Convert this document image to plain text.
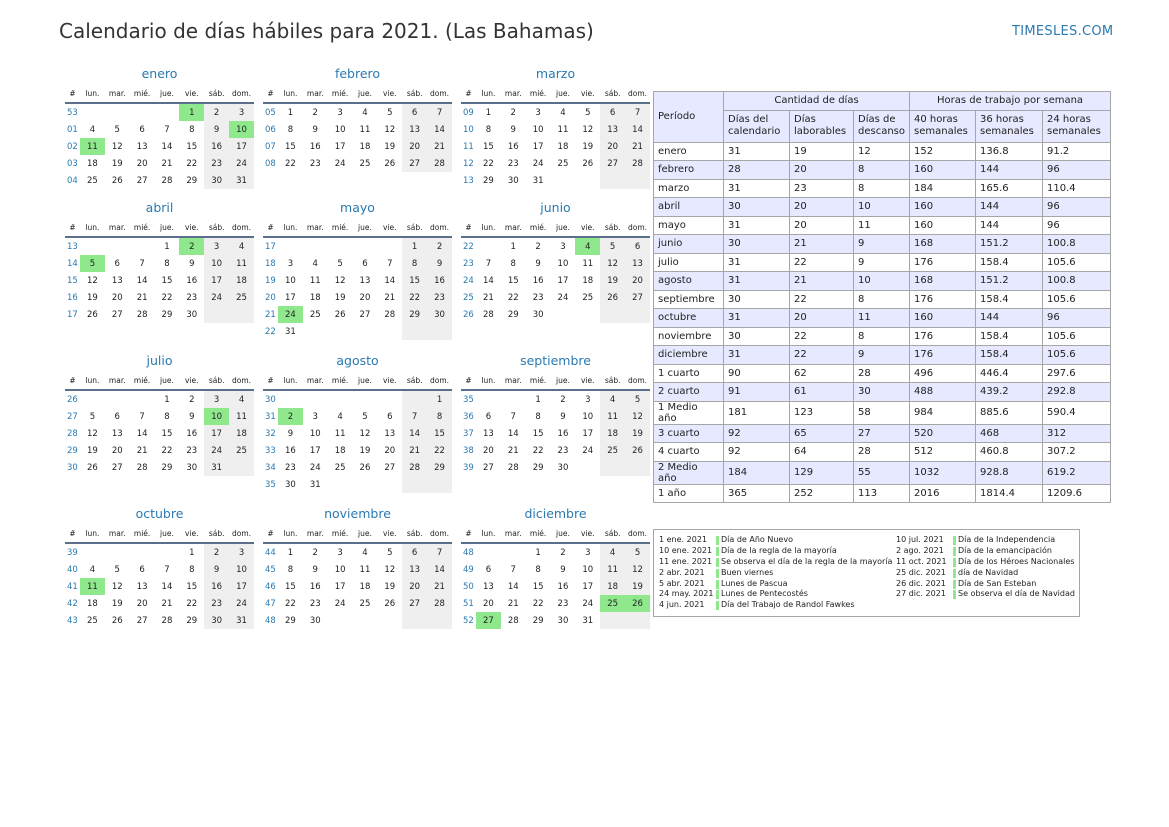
Calendario de días hábiles para 2021. (Las Bahamas)	TIMESLES.COM
enero
#	lun.	mar.	mié.	jue.	vie.	sáb.	dom.
53					1	2	3
01	4	5	6	7	8	9	10
02	11	12	13	14	15	16	17
03	18	19	20	21	22	23	24
04	25	26	27	28	29	30	31
febrero
#	lun.	mar.	mié.	jue.	vie.	sáb.	dom.
05	1	2	3	4	5	6	7
06	8	9	10	11	12	13	14
07	15	16	17	18	19	20	21
08	22	23	24	25	26	27	28
marzo
#	lun.	mar.	mié.	jue.	vie.	sáb.	dom.
09	1	2	3	4	5	6	7
10	8	9	10	11	12	13	14
11	15	16	17	18	19	20	21
12	22	23	24	25	26	27	28
13	29	30	31				
abril
#	lun.	mar.	mié.	jue.	vie.	sáb.	dom.
13				1	2	3	4
14	5	6	7	8	9	10	11
15	12	13	14	15	16	17	18
16	19	20	21	22	23	24	25
17	26	27	28	29	30		
mayo
#	lun.	mar.	mié.	jue.	vie.	sáb.	dom.
17						1	2
18	3	4	5	6	7	8	9
19	10	11	12	13	14	15	16
20	17	18	19	20	21	22	23
21	24	25	26	27	28	29	30
22	31						
junio
#	lun.	mar.	mié.	jue.	vie.	sáb.	dom.
22		1	2	3	4	5	6
23	7	8	9	10	11	12	13
24	14	15	16	17	18	19	20
25	21	22	23	24	25	26	27
26	28	29	30				
julio
#	lun.	mar.	mié.	jue.	vie.	sáb.	dom.
26				1	2	3	4
27	5	6	7	8	9	10	11
28	12	13	14	15	16	17	18
29	19	20	21	22	23	24	25
30	26	27	28	29	30	31	
agosto
#	lun.	mar.	mié.	jue.	vie.	sáb.	dom.
30							1
31	2	3	4	5	6	7	8
32	9	10	11	12	13	14	15
33	16	17	18	19	20	21	22
34	23	24	25	26	27	28	29
35	30	31					
septiembre
#	lun.	mar.	mié.	jue.	vie.	sáb.	dom.
35			1	2	3	4	5
36	6	7	8	9	10	11	12
37	13	14	15	16	17	18	19
38	20	21	22	23	24	25	26
39	27	28	29	30			
octubre
#	lun.	mar.	mié.	jue.	vie.	sáb.	dom.
39					1	2	3
40	4	5	6	7	8	9	10
41	11	12	13	14	15	16	17
42	18	19	20	21	22	23	24
43	25	26	27	28	29	30	31
noviembre
#	lun.	mar.	mié.	jue.	vie.	sáb.	dom.
44	1	2	3	4	5	6	7
45	8	9	10	11	12	13	14
46	15	16	17	18	19	20	21
47	22	23	24	25	26	27	28
48	29	30					
diciembre
#	lun.	mar.	mié.	jue.	vie.	sáb.	dom.
48			1	2	3	4	5
49	6	7	8	9	10	11	12
50	13	14	15	16	17	18	19
51	20	21	22	23	24	25	26
52	27	28	29	30	31		
Período	Cantidad de días			Horas de trabajo por semana		
	Días del calendario	Días laborables	Días de descanso	40 horas semanales	36 horas semanales	24 horas semanales
enero	31	19	12	152	136.8	91.2
febrero	28	20	8	160	144	96
marzo	31	23	8	184	165.6	110.4
abril	30	20	10	160	144	96
mayo	31	20	11	160	144	96
junio	30	21	9	168	151.2	100.8
julio	31	22	9	176	158.4	105.6
agosto	31	21	10	168	151.2	100.8
septiembre	30	22	8	176	158.4	105.6
octubre	31	20	11	160	144	96
noviembre	30	22	8	176	158.4	105.6
diciembre	31	22	9	176	158.4	105.6
1 cuarto	90	62	28	496	446.4	297.6
2 cuarto	91	61	30	488	439.2	292.8
1 Medio año	181	123	58	984	885.6	590.4
3 cuarto	92	65	27	520	468	312
4 cuarto	92	64	28	512	460.8	307.2
2 Medio año	184	129	55	1032	928.8	619.2
1 año	365	252	113	2016	1814.4	1209.6
1 ene. 2021 Día de Año Nuevo
10 ene. 2021 Día de la regla de la mayoría
11 ene. 2021 Se observa el día de la regla de la mayoría
2 abr. 2021 Buen viernes
5 abr. 2021 Lunes de Pascua
24 may. 2021 Lunes de Pentecostés
4 jun. 2021 Día del Trabajo de Randol Fawkes
10 jul. 2021 Día de la Independencia
2 ago. 2021 Día de la emancipación
11 oct. 2021 Día de los Héroes Nacionales
25 dic. 2021 día de Navidad
26 dic. 2021 Día de San Esteban
27 dic. 2021 Se observa el día de Navidad
